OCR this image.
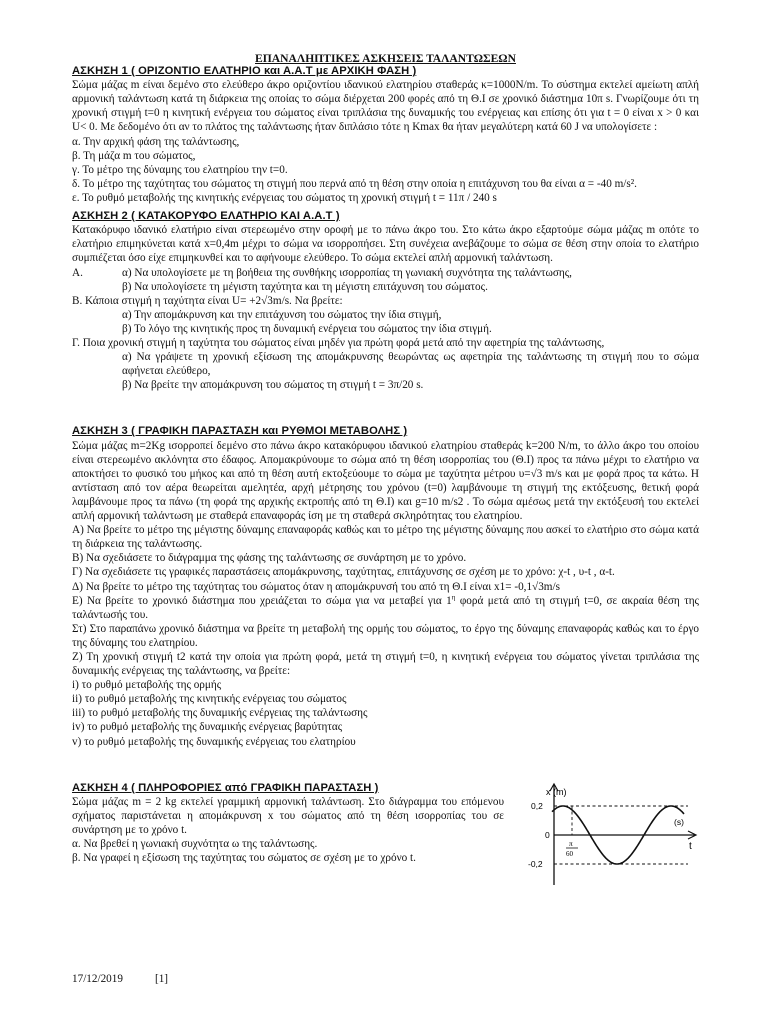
ΕΠΑΝΑΛΗΠΤΙΚΕΣ ΑΣΚΗΣΕΙΣ ΤΑΛΑΝΤΩΣΕΩΝ

ΑΣΚΗΣΗ 1 ( ΟΡΙΖΟΝΤΙΟ ΕΛΑΤΗΡΙΟ και Α.Α.Τ με ΑΡΧΙΚΗ ΦΑΣΗ )

Σώμα μάζας m είναι δεμένο στο ελεύθερο άκρο οριζοντίου ιδανικού ελατηρίου σταθεράς κ=1000N/m. Το σύστημα εκτελεί αμείωτη απλή αρμονική ταλάντωση κατά τη διάρκεια της οποίας το σώμα διέρχεται 200 φορές από τη Θ.Ι σε χρονικό διάστημα 10π s. Γνωρίζουμε ότι τη χρονική στιγμή t=0 η κινητική ενέργεια του σώματος είναι τριπλάσια της δυναμικής του ενέργειας και επίσης ότι για t = 0 είναι x > 0 και U< 0. Με δεδομένο ότι αν το πλάτος της ταλάντωσης ήταν διπλάσιο τότε η Kmax θα ήταν μεγαλύτερη κατά 60 J να υπολογίσετε :

α. Την αρχική φάση της ταλάντωσης,

β. Τη μάζα m του σώματος,

γ. Το μέτρο της δύναμης του ελατηρίου την t=0.

δ. Το μέτρο της ταχύτητας του σώματος τη στιγμή που περνά από τη θέση στην οποία η επιτάχυνση του θα είναι α = -40 m/s².

ε. Το ρυθμό μεταβολής της κινητικής ενέργειας του σώματος τη χρονική στιγμή t = 11π / 240 s

ΑΣΚΗΣΗ 2 ( ΚΑΤΑΚΟΡΥΦΟ ΕΛΑΤΗΡΙΟ ΚΑΙ Α.Α.Τ )

Κατακόρυφο ιδανικό ελατήριο είναι στερεωμένο στην οροφή με το πάνω άκρο του. Στο κάτω άκρο εξαρτούμε σώμα μάζας m οπότε το ελατήριο επιμηκύνεται κατά x=0,4m μέχρι το σώμα να ισορροπήσει. Στη συνέχεια ανεβάζουμε το σώμα σε θέση στην οποία το ελατήριο συμπιέζεται όσο είχε επιμηκυνθεί και το αφήνουμε ελεύθερο. Το σώμα εκτελεί απλή αρμονική ταλάντωση.

Α.	α) Να υπολογίσετε με τη βοήθεια της συνθήκης ισορροπίας τη γωνιακή συχνότητα της ταλάντωσης,

β) Να υπολογίσετε τη μέγιστη ταχύτητα και τη μέγιστη επιτάχυνση του σώματος.

Β. Κάποια στιγμή η ταχύτητα είναι U= +2√3m/s. Να βρείτε:

α) Την απομάκρυνση και την επιτάχυνση του σώματος την ίδια στιγμή,

β) Το λόγο της κινητικής προς τη δυναμική ενέργεια του σώματος την ίδια στιγμή.

Γ. Ποια χρονική στιγμή η ταχύτητα του σώματος είναι μηδέν για πρώτη φορά μετά από την αφετηρία της ταλάντωσης,

α) Να γράψετε τη χρονική εξίσωση της απομάκρυνσης θεωρώντας ως αφετηρία της ταλάντωσης τη στιγμή που το σώμα αφήνεται ελεύθερο,

β) Να βρείτε την απομάκρυνση του σώματος τη στιγμή t = 3π/20 s.

ΑΣΚΗΣΗ 3 ( ΓΡΑΦΙΚΗ ΠΑΡΑΣΤΑΣΗ και ΡΥΘΜΟΙ ΜΕΤΑΒΟΛΗΣ )

Σώμα μάζας m=2Kg ισορροπεί δεμένο στο πάνω άκρο κατακόρυφου ιδανικού ελατηρίου σταθεράς k=200 N/m, το άλλο άκρο του οποίου είναι στερεωμένο ακλόνητα στο έδαφος. Απομακρύνουμε το σώμα από τη θέση ισορροπίας του (Θ.Ι) προς τα πάνω μέχρι το ελατήριο να αποκτήσει το φυσικό του μήκος και από τη θέση αυτή εκτοξεύουμε το σώμα με ταχύτητα μέτρου υ=√3 m/s και με φορά προς τα κάτω. Η αντίσταση από τον αέρα θεωρείται αμελητέα, αρχή μέτρησης του χρόνου (t=0) λαμβάνουμε τη στιγμή της εκτόξευσης, θετική φορά λαμβάνουμε προς τα πάνω (τη φορά της αρχικής εκτροπής από τη Θ.Ι) και g=10 m/s2 . Το σώμα αμέσως μετά την εκτόξευσή του εκτελεί απλή αρμονική ταλάντωση με σταθερά επαναφοράς ίση με τη σταθερά σκληρότητας του ελατηρίου.

Α) Να βρείτε το μέτρο της μέγιστης δύναμης επαναφοράς καθώς και το μέτρο της μέγιστης δύναμης που ασκεί το ελατήριο στο σώμα κατά τη διάρκεια της ταλάντωσης.

Β) Να σχεδιάσετε το διάγραμμα της φάσης της ταλάντωσης σε συνάρτηση με το χρόνο.

Γ) Να σχεδιάσετε τις γραφικές παραστάσεις απομάκρυνσης, ταχύτητας, επιτάχυνσης σε σχέση με το χρόνο: χ-t , υ-t , α-t.

Δ) Να βρείτε το μέτρο της ταχύτητας του σώματος όταν η απομάκρυνσή του από τη Θ.Ι είναι x1= -0,1√3m/s

Ε) Να βρείτε το χρονικό διάστημα που χρειάζεται το σώμα για να μεταβεί για $1^\eta$ φορά μετά από τη στιγμή t=0, σε ακραία θέση της ταλάντωσής του.

Στ) Στο παραπάνω χρονικό διάστημα να βρείτε τη μεταβολή της ορμής του σώματος, το έργο της δύναμης επαναφοράς καθώς και το έργο της δύναμης του ελατηρίου.

Ζ) Τη χρονική στιγμή t2 κατά την οποία για πρώτη φορά, μετά τη στιγμή t=0, η κινητική ενέργεια του σώματος γίνεται τριπλάσια της δυναμικής ενέργειας της ταλάντωσης, να βρείτε:

i) το ρυθμό μεταβολής της ορμής

ii) το ρυθμό μεταβολής της κινητικής ενέργειας του σώματος

iii) το ρυθμό μεταβολής της δυναμικής ενέργειας της ταλάντωσης

iv) το ρυθμό μεταβολής της δυναμικής ενέργειας βαρύτητας

v) το ρυθμό μεταβολής της δυναμικής ενέργειας του ελατηρίου

ΑΣΚΗΣΗ 4 ( ΠΛΗΡΟΦΟΡΙΕΣ από ΓΡΑΦΙΚΗ ΠΑΡΑΣΤΑΣΗ )

Σώμα μάζας m = 2 kg εκτελεί γραμμική αρμονική ταλάντωση. Στο διάγραμμα του επόμενου σχήματος παριστάνεται η απομάκρυνση x του σώματος από τη θέση ισορροπίας του σε συνάρτηση με το χρόνο t.

α. Να βρεθεί η γωνιακή συχνότητα ω της ταλάντωσης.

β. Να γραφεί η εξίσωση της ταχύτητας του σώματος σε σχέση με το χρόνο t.

x (m)
0,2
0
-0,2
π
60
(s)
t
17/12/2019	[1]
